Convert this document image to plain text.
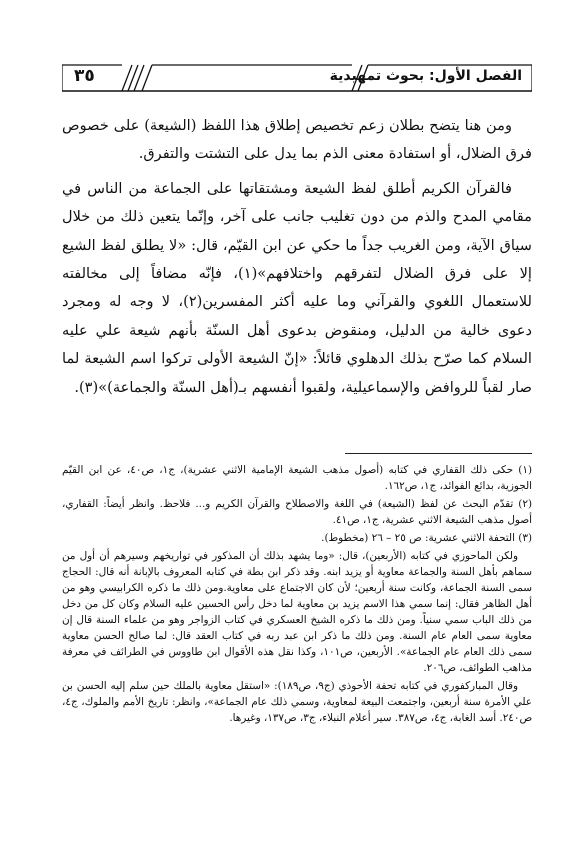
الفصل الأول: بحوث تمهيدية
٣٥

ومن هنا يتضح بطلان زعم تخصيص إطلاق هذا اللفظ (الشيعة) على خصوص فرق الضلال، أو استفادة معنى الذم بما يدل على التشتت والتفرق.

فالقرآن الكريم أطلق لفظ الشيعة ومشتقاتها على الجماعة من الناس في مقامي المدح والذم من دون تغليب جانب على آخر، وإنّما يتعين ذلك من خلال سياق الآية، ومن الغريب جداً ما حكي عن ابن القيّم، قال: «لا يطلق لفظ الشيع إلا على فرق الضلال لتفرقهم واختلافهم»(١)، فإنّه مضافاً إلى مخالفته للاستعمال اللغوي والقرآني وما عليه أكثر المفسرين(٢)، لا وجه له ومجرد دعوى خالية من الدليل، ومنقوض بدعوى أهل السنّة بأنهم شيعة علي عليه السلام كما صرّح بذلك الدهلوي قائلاً: «إنّ الشيعة الأولى تركوا اسم الشيعة لما صار لقباً للروافض والإسماعيلية، ولقبوا أنفسهم بـ(أهل السنّة والجماعة)»(٣).

(١) حكى ذلك القفاري في كتابه (أصول مذهب الشيعة الإمامية الاثني عشرية)، ج١، ص٤٠، عن ابن القيّم الجوزية، بدائع الفوائد، ج١، ص١٦٢.

(٢) تقدّم البحث عن لفظ (الشيعة) في اللغة والاصطلاح والقرآن الكريم و... فلاحظ. وانظر أيضاً: القفاري، أصول مذهب الشيعة الاثني عشرية، ج١، ص٤١.

(٣) التحفة الاثني عشرية: ص ٢٥ – ٢٦ (مخطوط).

ولكن الماحوزي في كتابه (الأربعين)، قال: «وما يشهد بذلك أن المذكور في تواريخهم وسيرهم أن أول من سماهم بأهل السنة والجماعة معاوية أو يزيد ابنه. وقد ذكر ابن بطة في كتابه المعروف بالإبانة أنه قال: الحجاج سمى السنة الجماعة، وكانت سنة أربعين؛ لأن كان الاجتماع على معاوية.ومن ذلك ما ذكره الكرابيسي وهو من أهل الظاهر فقال: إنما سمي هذا الاسم يزيد بن معاوية لما دخل رأس الحسين عليه السلام وكان كل من دخل من ذلك الباب سمي سنياً. ومن ذلك ما ذكره الشيخ العسكري في كتاب الزواجر وهو من علماء السنة قال إن معاوية سمى العام عام السنة. ومن ذلك ما ذكر ابن عبد ربه في كتاب العقد قال: لما صالح الحسن معاوية سمى ذلك العام عام الجماعة». الأربعين، ص١٠١، وكذا نقل هذه الأقوال ابن طاووس في الطرائف في معرفة مذاهب الطوائف، ص٢٠٦.

وقال المباركفوري في كتابه تحفة الأحوذي (ج٩، ص١٨٩): «استقل معاوية بالملك حين سلم إليه الحسن بن علي الأمرة سنة أربعين، واجتمعت البيعة لمعاوية، وسمي ذلك عام الجماعة»، وانظر: تاريخ الأمم والملوك، ج٤، ص٢٤٠. أسد الغابة، ج٤، ص٣٨٧. سير أعلام النبلاء، ج٣، ص١٣٧، وغيرها.
